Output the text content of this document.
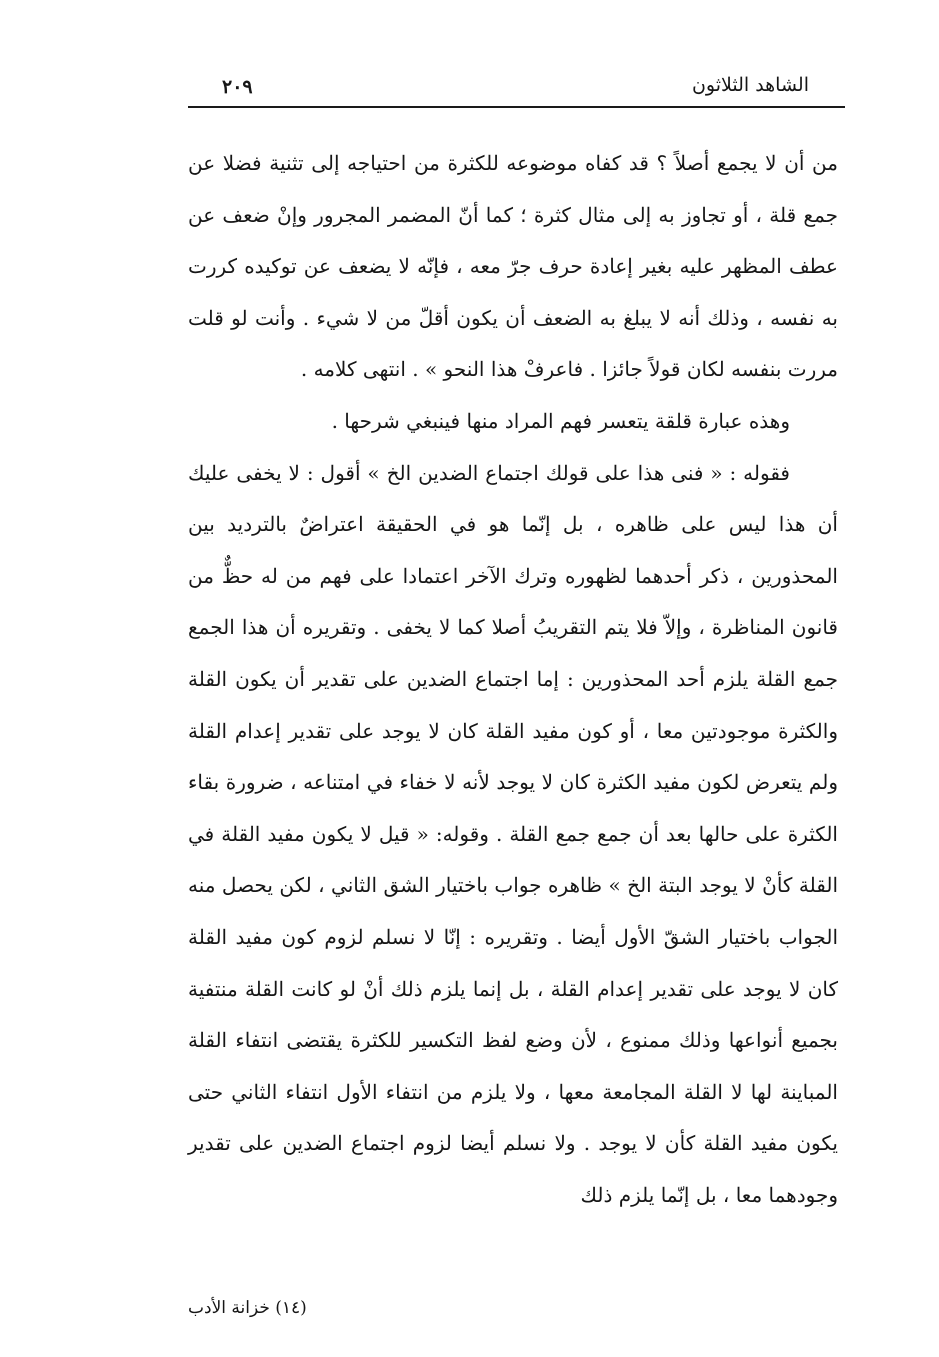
الشاهد الثلاثون
٢٠٩

من أن لا يجمع أصلاً ؟ قد كفاه موضوعه للكثرة من احتياجه إلى تثنية فضلا عن جمع قلة ، أو تجاوز به إلى مثال كثرة ؛ كما أنّ المضمر المجرور وإنْ ضعف عن عطف المظهر عليه بغير إعادة حرف جرّ معه ، فإنّه لا يضعف عن توكيده كررت به نفسه ، وذلك أنه لا يبلغ به الضعف أن يكون أقلّ من لا شيء . وأنت لو قلت مررت بنفسه لكان قولاً جائزا . فاعرفْ هذا النحو » . انتهى كلامه .

وهذه عبارة قلقة يتعسر فهم المراد منها فينبغي شرحها .

فقوله : « فنى هذا على قولك اجتماع الضدين الخ » أقول : لا يخفى عليك أن هذا ليس على ظاهره ، بل إنّما هو في الحقيقة اعتراضٌ بالترديد بين المحذورين ، ذكر أحدهما لظهوره وترك الآخر اعتمادا على فهم من له حظٌّ من قانون المناظرة ، وإلاّ فلا يتم التقريبُ أصلا كما لا يخفى . وتقريره أن هذا الجمع جمع القلة يلزم أحد المحذورين : إما اجتماع الضدين على تقدير أن يكون القلة والكثرة موجودتين معا ، أو كون مفيد القلة كان لا يوجد على تقدير إعدام القلة ولم يتعرض لكون مفيد الكثرة كان لا يوجد لأنه لا خفاء في امتناعه ، ضرورة بقاء الكثرة على حالها بعد أن جمع جمع القلة . وقوله: « قيل لا يكون مفيد القلة في القلة كأنْ لا يوجد البتة الخ » ظاهره جواب باختيار الشق الثاني ، لكن يحصل منه الجواب باختيار الشقّ الأول أيضا . وتقريره : إنّا لا نسلم لزوم كون مفيد القلة كان لا يوجد على تقدير إعدام القلة ، بل إنما يلزم ذلك أنْ لو كانت القلة منتفية بجميع أنواعها وذلك ممنوع ، لأن وضع لفظ التكسير للكثرة يقتضى انتفاء القلة المباينة لها لا القلة المجامعة معها ، ولا يلزم من انتفاء الأول انتفاء الثاني حتى يكون مفيد القلة كأن لا يوجد . ولا نسلم أيضا لزوم اجتماع الضدين على تقدير وجودهما معا ، بل إنّما يلزم ذلك

(١٤) خزانة الأدب
